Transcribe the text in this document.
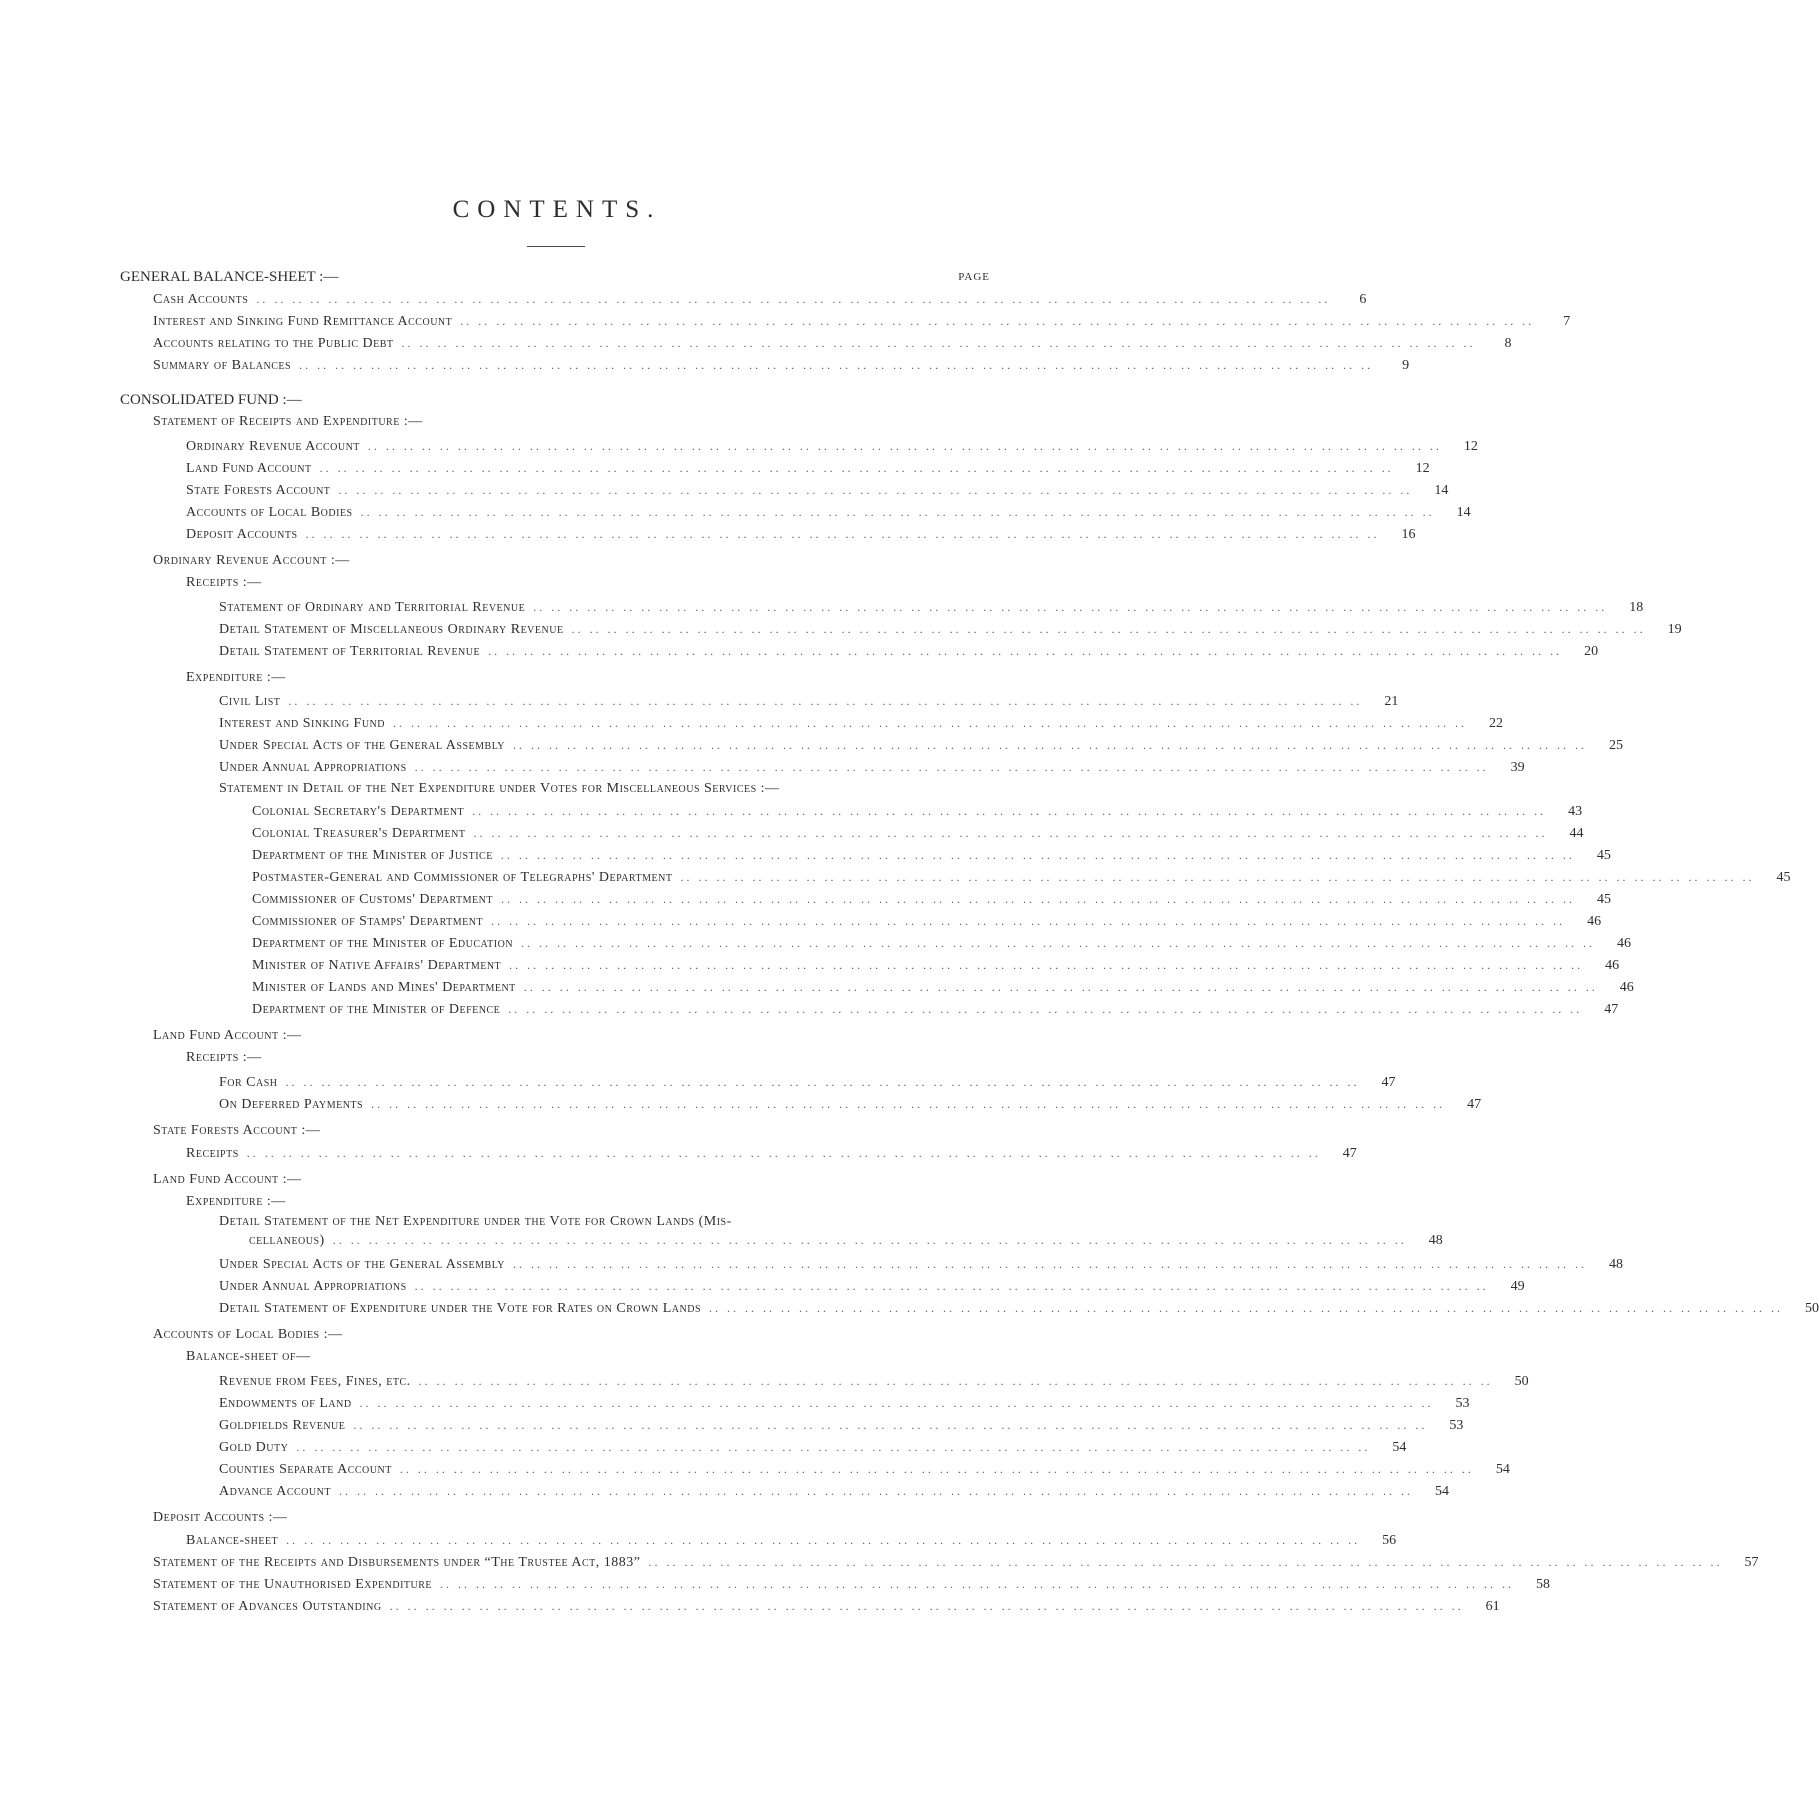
CONTENTS.
PAGE
GENERAL BALANCE-SHEET :—
Cash Accounts .. .. .. .. .. .. .. .. .. .. .. .. .. .. .. .. .. .. .. .. .. .. .. .. .. .. .. .. .. .. .. .. .. .. .. .. .. .. .. .. .. .. .. .. .. .. .. .. .. .. .. .. .. .. .. .. .. .. .. ..	6
Interest and Sinking Fund Remittance Account .. .. .. .. .. .. .. .. .. .. .. .. .. .. .. .. .. .. .. .. .. .. .. .. .. .. .. .. .. .. .. .. .. .. .. .. .. .. .. .. .. .. .. .. .. .. .. .. .. .. .. .. .. .. .. .. .. .. .. ..	7
Accounts relating to the Public Debt .. .. .. .. .. .. .. .. .. .. .. .. .. .. .. .. .. .. .. .. .. .. .. .. .. .. .. .. .. .. .. .. .. .. .. .. .. .. .. .. .. .. .. .. .. .. .. .. .. .. .. .. .. .. .. .. .. .. .. ..	8
Summary of Balances .. .. .. .. .. .. .. .. .. .. .. .. .. .. .. .. .. .. .. .. .. .. .. .. .. .. .. .. .. .. .. .. .. .. .. .. .. .. .. .. .. .. .. .. .. .. .. .. .. .. .. .. .. .. .. .. .. .. .. ..	9
CONSOLIDATED FUND :—
Statement of Receipts and Expenditure :—
Ordinary Revenue Account .. .. .. .. .. .. .. .. .. .. .. .. .. .. .. .. .. .. .. .. .. .. .. .. .. .. .. .. .. .. .. .. .. .. .. .. .. .. .. .. .. .. .. .. .. .. .. .. .. .. .. .. .. .. .. .. .. .. .. ..	12
Land Fund Account .. .. .. .. .. .. .. .. .. .. .. .. .. .. .. .. .. .. .. .. .. .. .. .. .. .. .. .. .. .. .. .. .. .. .. .. .. .. .. .. .. .. .. .. .. .. .. .. .. .. .. .. .. .. .. .. .. .. .. ..	12
State Forests Account .. .. .. .. .. .. .. .. .. .. .. .. .. .. .. .. .. .. .. .. .. .. .. .. .. .. .. .. .. .. .. .. .. .. .. .. .. .. .. .. .. .. .. .. .. .. .. .. .. .. .. .. .. .. .. .. .. .. .. ..	14
Accounts of Local Bodies .. .. .. .. .. .. .. .. .. .. .. .. .. .. .. .. .. .. .. .. .. .. .. .. .. .. .. .. .. .. .. .. .. .. .. .. .. .. .. .. .. .. .. .. .. .. .. .. .. .. .. .. .. .. .. .. .. .. .. ..	14
Deposit Accounts .. .. .. .. .. .. .. .. .. .. .. .. .. .. .. .. .. .. .. .. .. .. .. .. .. .. .. .. .. .. .. .. .. .. .. .. .. .. .. .. .. .. .. .. .. .. .. .. .. .. .. .. .. .. .. .. .. .. .. ..	16
Ordinary Revenue Account :—
Receipts :—
Statement of Ordinary and Territorial Revenue .. .. .. .. .. .. .. .. .. .. .. .. .. .. .. .. .. .. .. .. .. .. .. .. .. .. .. .. .. .. .. .. .. .. .. .. .. .. .. .. .. .. .. .. .. .. .. .. .. .. .. .. .. .. .. .. .. .. .. ..	18
Detail Statement of Miscellaneous Ordinary Revenue .. .. .. .. .. .. .. .. .. .. .. .. .. .. .. .. .. .. .. .. .. .. .. .. .. .. .. .. .. .. .. .. .. .. .. .. .. .. .. .. .. .. .. .. .. .. .. .. .. .. .. .. .. .. .. .. .. .. .. ..	19
Detail Statement of Territorial Revenue .. .. .. .. .. .. .. .. .. .. .. .. .. .. .. .. .. .. .. .. .. .. .. .. .. .. .. .. .. .. .. .. .. .. .. .. .. .. .. .. .. .. .. .. .. .. .. .. .. .. .. .. .. .. .. .. .. .. .. ..	20
Expenditure :—
Civil List .. .. .. .. .. .. .. .. .. .. .. .. .. .. .. .. .. .. .. .. .. .. .. .. .. .. .. .. .. .. .. .. .. .. .. .. .. .. .. .. .. .. .. .. .. .. .. .. .. .. .. .. .. .. .. .. .. .. .. ..	21
Interest and Sinking Fund .. .. .. .. .. .. .. .. .. .. .. .. .. .. .. .. .. .. .. .. .. .. .. .. .. .. .. .. .. .. .. .. .. .. .. .. .. .. .. .. .. .. .. .. .. .. .. .. .. .. .. .. .. .. .. .. .. .. .. ..	22
Under Special Acts of the General Assembly .. .. .. .. .. .. .. .. .. .. .. .. .. .. .. .. .. .. .. .. .. .. .. .. .. .. .. .. .. .. .. .. .. .. .. .. .. .. .. .. .. .. .. .. .. .. .. .. .. .. .. .. .. .. .. .. .. .. .. ..	25
Under Annual Appropriations .. .. .. .. .. .. .. .. .. .. .. .. .. .. .. .. .. .. .. .. .. .. .. .. .. .. .. .. .. .. .. .. .. .. .. .. .. .. .. .. .. .. .. .. .. .. .. .. .. .. .. .. .. .. .. .. .. .. .. ..	39
Statement in Detail of the Net Expenditure under Votes for Miscellaneous Services :—
Colonial Secretary's Department .. .. .. .. .. .. .. .. .. .. .. .. .. .. .. .. .. .. .. .. .. .. .. .. .. .. .. .. .. .. .. .. .. .. .. .. .. .. .. .. .. .. .. .. .. .. .. .. .. .. .. .. .. .. .. .. .. .. .. ..	43
Colonial Treasurer's Department .. .. .. .. .. .. .. .. .. .. .. .. .. .. .. .. .. .. .. .. .. .. .. .. .. .. .. .. .. .. .. .. .. .. .. .. .. .. .. .. .. .. .. .. .. .. .. .. .. .. .. .. .. .. .. .. .. .. .. ..	44
Department of the Minister of Justice .. .. .. .. .. .. .. .. .. .. .. .. .. .. .. .. .. .. .. .. .. .. .. .. .. .. .. .. .. .. .. .. .. .. .. .. .. .. .. .. .. .. .. .. .. .. .. .. .. .. .. .. .. .. .. .. .. .. .. ..	45
Postmaster-General and Commissioner of Telegraphs' Department .. .. .. .. .. .. .. .. .. .. .. .. .. .. .. .. .. .. .. .. .. .. .. .. .. .. .. .. .. .. .. .. .. .. .. .. .. .. .. .. .. .. .. .. .. .. .. .. .. .. .. .. .. .. .. .. .. .. .. ..	45
Commissioner of Customs' Department .. .. .. .. .. .. .. .. .. .. .. .. .. .. .. .. .. .. .. .. .. .. .. .. .. .. .. .. .. .. .. .. .. .. .. .. .. .. .. .. .. .. .. .. .. .. .. .. .. .. .. .. .. .. .. .. .. .. .. ..	45
Commissioner of Stamps' Department .. .. .. .. .. .. .. .. .. .. .. .. .. .. .. .. .. .. .. .. .. .. .. .. .. .. .. .. .. .. .. .. .. .. .. .. .. .. .. .. .. .. .. .. .. .. .. .. .. .. .. .. .. .. .. .. .. .. .. ..	46
Department of the Minister of Education .. .. .. .. .. .. .. .. .. .. .. .. .. .. .. .. .. .. .. .. .. .. .. .. .. .. .. .. .. .. .. .. .. .. .. .. .. .. .. .. .. .. .. .. .. .. .. .. .. .. .. .. .. .. .. .. .. .. .. ..	46
Minister of Native Affairs' Department .. .. .. .. .. .. .. .. .. .. .. .. .. .. .. .. .. .. .. .. .. .. .. .. .. .. .. .. .. .. .. .. .. .. .. .. .. .. .. .. .. .. .. .. .. .. .. .. .. .. .. .. .. .. .. .. .. .. .. ..	46
Minister of Lands and Mines' Department .. .. .. .. .. .. .. .. .. .. .. .. .. .. .. .. .. .. .. .. .. .. .. .. .. .. .. .. .. .. .. .. .. .. .. .. .. .. .. .. .. .. .. .. .. .. .. .. .. .. .. .. .. .. .. .. .. .. .. ..	46
Department of the Minister of Defence .. .. .. .. .. .. .. .. .. .. .. .. .. .. .. .. .. .. .. .. .. .. .. .. .. .. .. .. .. .. .. .. .. .. .. .. .. .. .. .. .. .. .. .. .. .. .. .. .. .. .. .. .. .. .. .. .. .. .. ..	47
Land Fund Account :—
Receipts :—
For Cash .. .. .. .. .. .. .. .. .. .. .. .. .. .. .. .. .. .. .. .. .. .. .. .. .. .. .. .. .. .. .. .. .. .. .. .. .. .. .. .. .. .. .. .. .. .. .. .. .. .. .. .. .. .. .. .. .. .. .. ..	47
On Deferred Payments .. .. .. .. .. .. .. .. .. .. .. .. .. .. .. .. .. .. .. .. .. .. .. .. .. .. .. .. .. .. .. .. .. .. .. .. .. .. .. .. .. .. .. .. .. .. .. .. .. .. .. .. .. .. .. .. .. .. .. ..	47
State Forests Account :—
Receipts .. .. .. .. .. .. .. .. .. .. .. .. .. .. .. .. .. .. .. .. .. .. .. .. .. .. .. .. .. .. .. .. .. .. .. .. .. .. .. .. .. .. .. .. .. .. .. .. .. .. .. .. .. .. .. .. .. .. .. ..	47
Land Fund Account :—
Expenditure :—
Detail Statement of the Net Expenditure under the Vote for Crown Lands (Mis-
cellaneous) .. .. .. .. .. .. .. .. .. .. .. .. .. .. .. .. .. .. .. .. .. .. .. .. .. .. .. .. .. .. .. .. .. .. .. .. .. .. .. .. .. .. .. .. .. .. .. .. .. .. .. .. .. .. .. .. .. .. .. ..	48
Under Special Acts of the General Assembly .. .. .. .. .. .. .. .. .. .. .. .. .. .. .. .. .. .. .. .. .. .. .. .. .. .. .. .. .. .. .. .. .. .. .. .. .. .. .. .. .. .. .. .. .. .. .. .. .. .. .. .. .. .. .. .. .. .. .. ..	48
Under Annual Appropriations .. .. .. .. .. .. .. .. .. .. .. .. .. .. .. .. .. .. .. .. .. .. .. .. .. .. .. .. .. .. .. .. .. .. .. .. .. .. .. .. .. .. .. .. .. .. .. .. .. .. .. .. .. .. .. .. .. .. .. ..	49
Detail Statement of Expenditure under the Vote for Rates on Crown Lands .. .. .. .. .. .. .. .. .. .. .. .. .. .. .. .. .. .. .. .. .. .. .. .. .. .. .. .. .. .. .. .. .. .. .. .. .. .. .. .. .. .. .. .. .. .. .. .. .. .. .. .. .. .. .. .. .. .. .. ..	50
Accounts of Local Bodies :—
Balance-sheet of—
Revenue from Fees, Fines, etc. .. .. .. .. .. .. .. .. .. .. .. .. .. .. .. .. .. .. .. .. .. .. .. .. .. .. .. .. .. .. .. .. .. .. .. .. .. .. .. .. .. .. .. .. .. .. .. .. .. .. .. .. .. .. .. .. .. .. .. ..	50
Endowments of Land .. .. .. .. .. .. .. .. .. .. .. .. .. .. .. .. .. .. .. .. .. .. .. .. .. .. .. .. .. .. .. .. .. .. .. .. .. .. .. .. .. .. .. .. .. .. .. .. .. .. .. .. .. .. .. .. .. .. .. ..	53
Goldfields Revenue .. .. .. .. .. .. .. .. .. .. .. .. .. .. .. .. .. .. .. .. .. .. .. .. .. .. .. .. .. .. .. .. .. .. .. .. .. .. .. .. .. .. .. .. .. .. .. .. .. .. .. .. .. .. .. .. .. .. .. ..	53
Gold Duty .. .. .. .. .. .. .. .. .. .. .. .. .. .. .. .. .. .. .. .. .. .. .. .. .. .. .. .. .. .. .. .. .. .. .. .. .. .. .. .. .. .. .. .. .. .. .. .. .. .. .. .. .. .. .. .. .. .. .. ..	54
Counties Separate Account .. .. .. .. .. .. .. .. .. .. .. .. .. .. .. .. .. .. .. .. .. .. .. .. .. .. .. .. .. .. .. .. .. .. .. .. .. .. .. .. .. .. .. .. .. .. .. .. .. .. .. .. .. .. .. .. .. .. .. ..	54
Advance Account .. .. .. .. .. .. .. .. .. .. .. .. .. .. .. .. .. .. .. .. .. .. .. .. .. .. .. .. .. .. .. .. .. .. .. .. .. .. .. .. .. .. .. .. .. .. .. .. .. .. .. .. .. .. .. .. .. .. .. ..	54
Deposit Accounts :—
Balance-sheet .. .. .. .. .. .. .. .. .. .. .. .. .. .. .. .. .. .. .. .. .. .. .. .. .. .. .. .. .. .. .. .. .. .. .. .. .. .. .. .. .. .. .. .. .. .. .. .. .. .. .. .. .. .. .. .. .. .. .. ..	56
Statement of the Receipts and Disbursements under “The Trustee Act, 1883” .. .. .. .. .. .. .. .. .. .. .. .. .. .. .. .. .. .. .. .. .. .. .. .. .. .. .. .. .. .. .. .. .. .. .. .. .. .. .. .. .. .. .. .. .. .. .. .. .. .. .. .. .. .. .. .. .. .. .. ..	57
Statement of the Unauthorised Expenditure .. .. .. .. .. .. .. .. .. .. .. .. .. .. .. .. .. .. .. .. .. .. .. .. .. .. .. .. .. .. .. .. .. .. .. .. .. .. .. .. .. .. .. .. .. .. .. .. .. .. .. .. .. .. .. .. .. .. .. ..	58
Statement of Advances Outstanding .. .. .. .. .. .. .. .. .. .. .. .. .. .. .. .. .. .. .. .. .. .. .. .. .. .. .. .. .. .. .. .. .. .. .. .. .. .. .. .. .. .. .. .. .. .. .. .. .. .. .. .. .. .. .. .. .. .. .. ..	61
